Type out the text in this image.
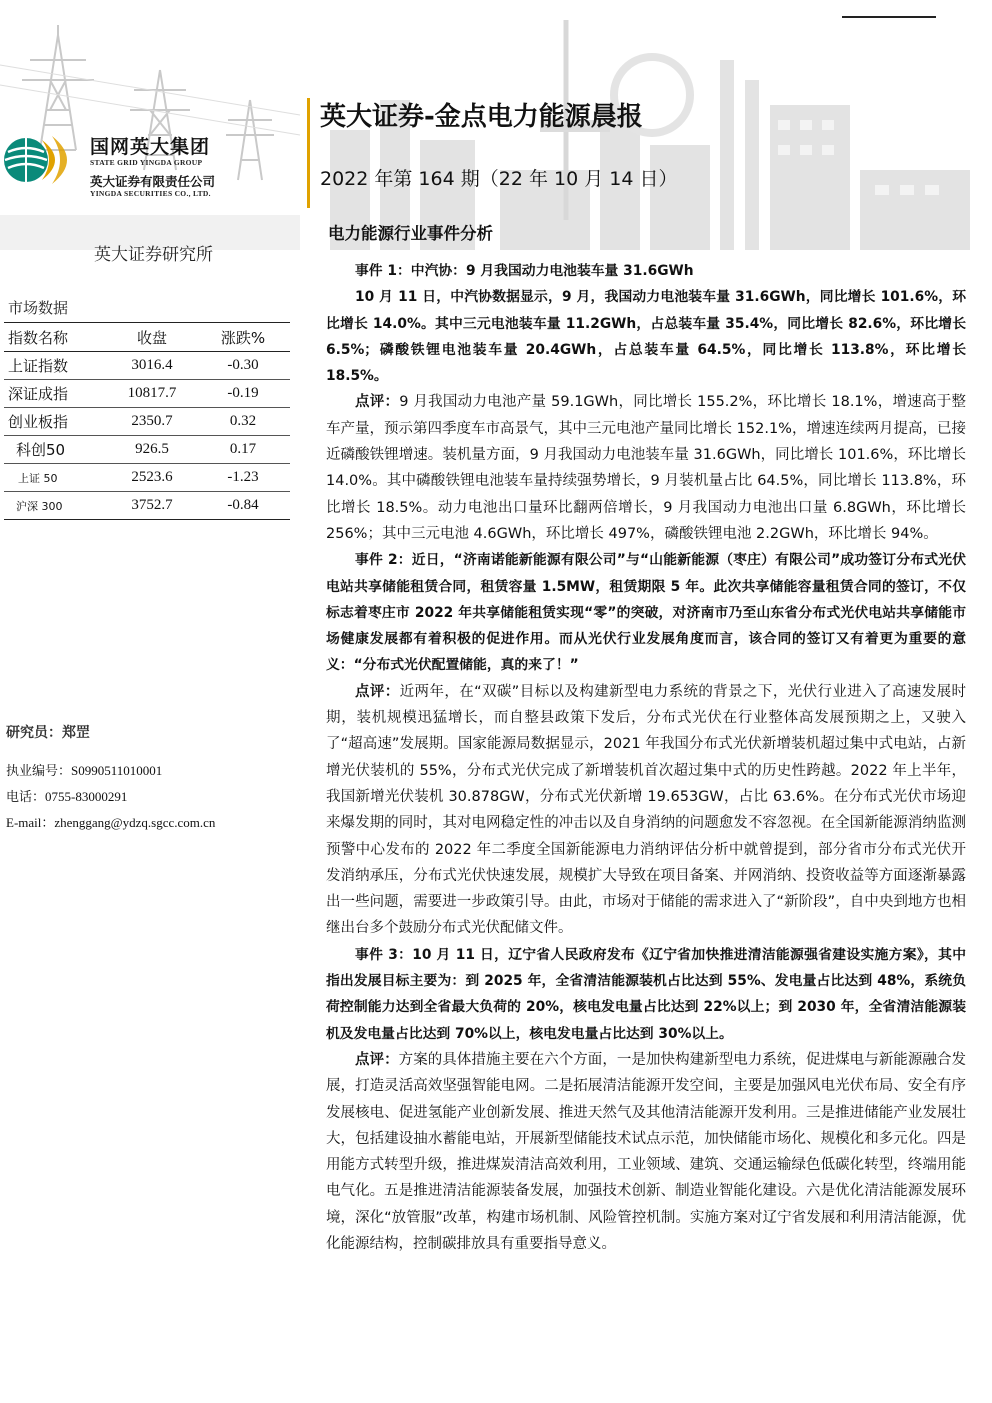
国网英大集团
STATE GRID YINGDA GROUP
英大证券有限责任公司
YINGDA SECURITIES CO., LTD.
英大证券-金点电力能源晨报
2022 年第 164 期（22 年 10 月 14 日）
英大证券研究所
市场数据
指数名称	收盘	涨跌%
上证指数	3016.4	-0.30
深证成指	10817.7	-0.19
创业板指	2350.7	0.32
科创50	926.5	0.17
上证 50	2523.6	-1.23
沪深 300	3752.7	-0.84
研究员：郑罡
执业编号：S0990511010001
电话：0755-83000291
E-mail：zhenggang@ydzq.sgcc.com.cn
电力能源行业事件分析

事件 1：中汽协：9 月我国动力电池装车量 31.6GWh

10 月 11 日，中汽协数据显示，9 月，我国动力电池装车量 31.6GWh，同比增长 101.6%，环比增长 14.0%。其中三元电池装车量 11.2GWh，占总装车量 35.4%，同比增长 82.6%，环比增长 6.5%；磷酸铁锂电池装车量 20.4GWh，占总装车量 64.5%，同比增长 113.8%，环比增长 18.5%。

点评：9 月我国动力电池产量 59.1GWh，同比增长 155.2%，环比增长 18.1%，增速高于整车产量，预示第四季度车市高景气，其中三元电池产量同比增长 152.1%，增速连续两月提高，已接近磷酸铁锂增速。装机量方面，9 月我国动力电池装车量 31.6GWh，同比增长 101.6%，环比增长 14.0%。其中磷酸铁锂电池装车量持续强势增长，9 月装机量占比 64.5%，同比增长 113.8%，环比增长 18.5%。动力电池出口量环比翻两倍增长，9 月我国动力电池出口量 6.8GWh，环比增长 256%；其中三元电池 4.6GWh，环比增长 497%，磷酸铁锂电池 2.2GWh，环比增长 94%。

事件 2：近日，“济南诺能新能源有限公司”与“山能新能源（枣庄）有限公司”成功签订分布式光伏电站共享储能租赁合同，租赁容量 1.5MW，租赁期限 5 年。此次共享储能容量租赁合同的签订，不仅标志着枣庄市 2022 年共享储能租赁实现“零”的突破，对济南市乃至山东省分布式光伏电站共享储能市场健康发展都有着积极的促进作用。而从光伏行业发展角度而言，该合同的签订又有着更为重要的意义：“分布式光伏配置储能，真的来了！”

点评：近两年，在“双碳”目标以及构建新型电力系统的背景之下，光伏行业进入了高速发展时期，装机规模迅猛增长，而自整县政策下发后，分布式光伏在行业整体高发展预期之上，又驶入了“超高速”发展期。国家能源局数据显示，2021 年我国分布式光伏新增装机超过集中式电站，占新增光伏装机的 55%，分布式光伏完成了新增装机首次超过集中式的历史性跨越。2022 年上半年，我国新增光伏装机 30.878GW，分布式光伏新增 19.653GW，占比 63.6%。在分布式光伏市场迎来爆发期的同时，其对电网稳定性的冲击以及自身消纳的问题愈发不容忽视。在全国新能源消纳监测预警中心发布的 2022 年二季度全国新能源电力消纳评估分析中就曾提到，部分省市分布式光伏开发消纳承压，分布式光伏快速发展，规模扩大导致在项目备案、并网消纳、投资收益等方面逐渐暴露出一些问题，需要进一步政策引导。由此，市场对于储能的需求进入了“新阶段”，自中央到地方也相继出台多个鼓励分布式光伏配储文件。

事件 3：10 月 11 日，辽宁省人民政府发布《辽宁省加快推进清洁能源强省建设实施方案》，其中指出发展目标主要为：到 2025 年，全省清洁能源装机占比达到 55%、发电量占比达到 48%，系统负荷控制能力达到全省最大负荷的 20%，核电发电量占比达到 22%以上；到 2030 年，全省清洁能源装机及发电量占比达到 70%以上，核电发电量占比达到 30%以上。

点评：方案的具体措施主要在六个方面，一是加快构建新型电力系统，促进煤电与新能源融合发展，打造灵活高效坚强智能电网。二是拓展清洁能源开发空间，主要是加强风电光伏布局、安全有序发展核电、促进氢能产业创新发展、推进天然气及其他清洁能源开发利用。三是推进储能产业发展壮大，包括建设抽水蓄能电站，开展新型储能技术试点示范，加快储能市场化、规模化和多元化。四是用能方式转型升级，推进煤炭清洁高效利用，工业领域、建筑、交通运输绿色低碳化转型，终端用能电气化。五是推进清洁能源装备发展，加强技术创新、制造业智能化建设。六是优化清洁能源发展环境，深化“放管服”改革，构建市场机制、风险管控机制。实施方案对辽宁省发展和利用清洁能源，优化能源结构，控制碳排放具有重要指导意义。
